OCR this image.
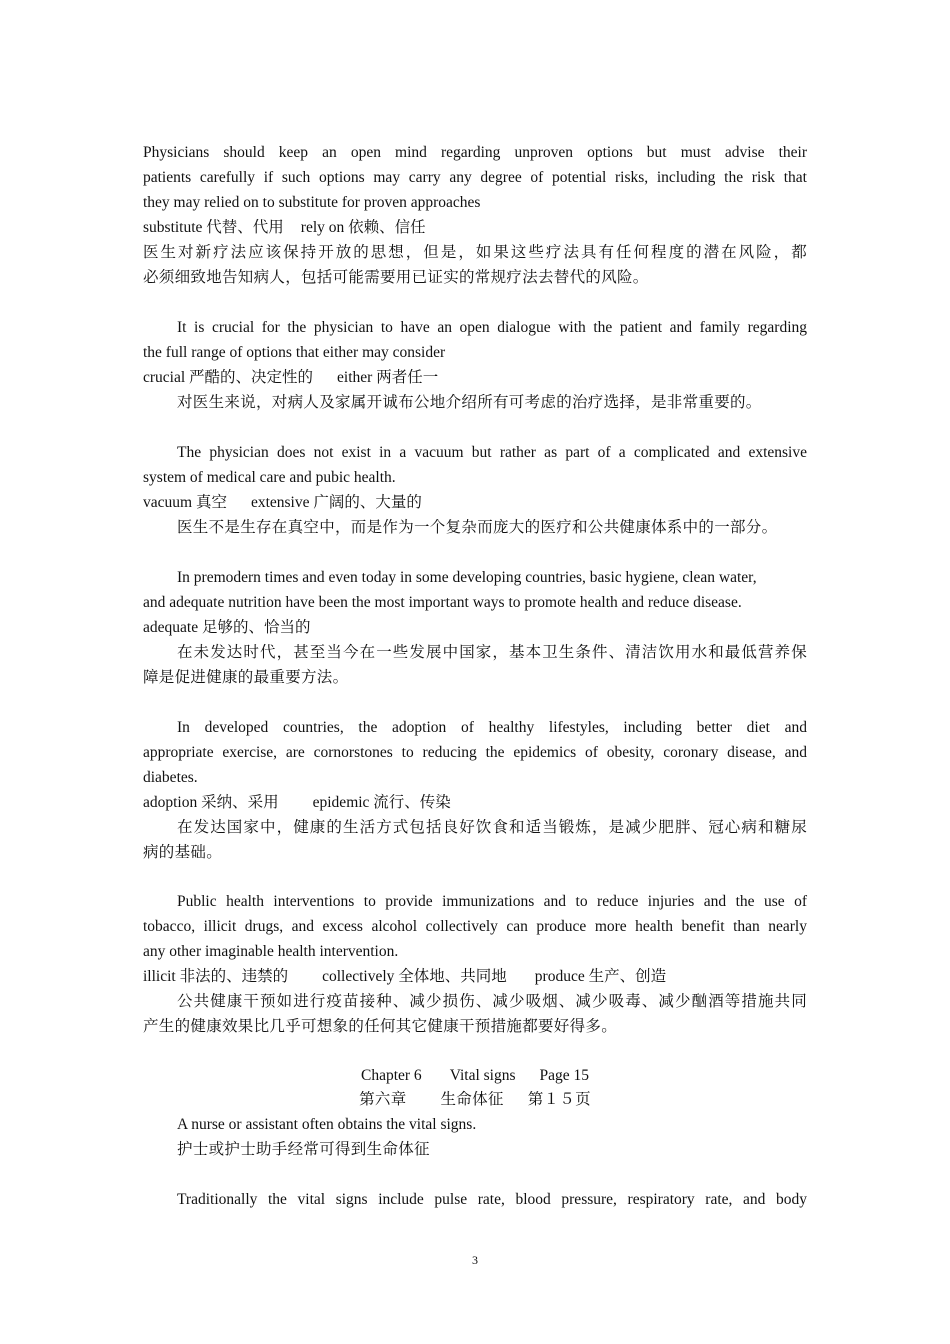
Physicians should keep an open mind regarding unproven options but must advise their
patients carefully if such options may carry any degree of potential risks, including the risk that
they may relied on to substitute for proven approaches
substitute 代替、代用 rely on 依赖、信任
医生对新疗法应该保持开放的思想，但是，如果这些疗法具有任何程度的潜在风险，都
必须细致地告知病人，包括可能需要用已证实的常规疗法去替代的风险。
It is crucial for the physician to have an open dialogue with the patient and family regarding
the full range of options that either may consider
crucial 严酷的、决定性的 either 两者任一
对医生来说，对病人及家属开诚布公地介绍所有可考虑的治疗选择，是非常重要的。
The physician does not exist in a vacuum but rather as part of a complicated and extensive
system of medical care and pubic health.
vacuum 真空 extensive 广阔的、大量的
医生不是生存在真空中，而是作为一个复杂而庞大的医疗和公共健康体系中的一部分。
In premodern times and even today in some developing countries, basic hygiene, clean water,
and adequate nutrition have been the most important ways to promote health and reduce disease.
adequate 足够的、恰当的
在未发达时代，甚至当今在一些发展中国家，基本卫生条件、清洁饮用水和最低营养保
障是促进健康的最重要方法。
In developed countries, the adoption of healthy lifestyles, including better diet and
appropriate exercise, are cornorstones to reducing the epidemics of obesity, coronary disease, and
diabetes.
adoption 采纳、采用 epidemic 流行、传染
在发达国家中，健康的生活方式包括良好饮食和适当锻炼，是减少肥胖、冠心病和糖尿
病的基础。
Public health interventions to provide immunizations and to reduce injuries and the use of
tobacco, illicit drugs, and excess alcohol collectively can produce more health benefit than nearly
any other imaginable health intervention.
illicit 非法的、违禁的 collectively 全体地、共同地 produce 生产、创造
公共健康干预如进行疫苗接种、减少损伤、减少吸烟、减少吸毒、减少酗酒等措施共同
产生的健康效果比几乎可想象的任何其它健康干预措施都要好得多。
Chapter 6 Vital signs Page 15
第六章 生命体征 第１５页
A nurse or assistant often obtains the vital signs.
护士或护士助手经常可得到生命体征
Traditionally the vital signs include pulse rate, blood pressure, respiratory rate, and body
3
